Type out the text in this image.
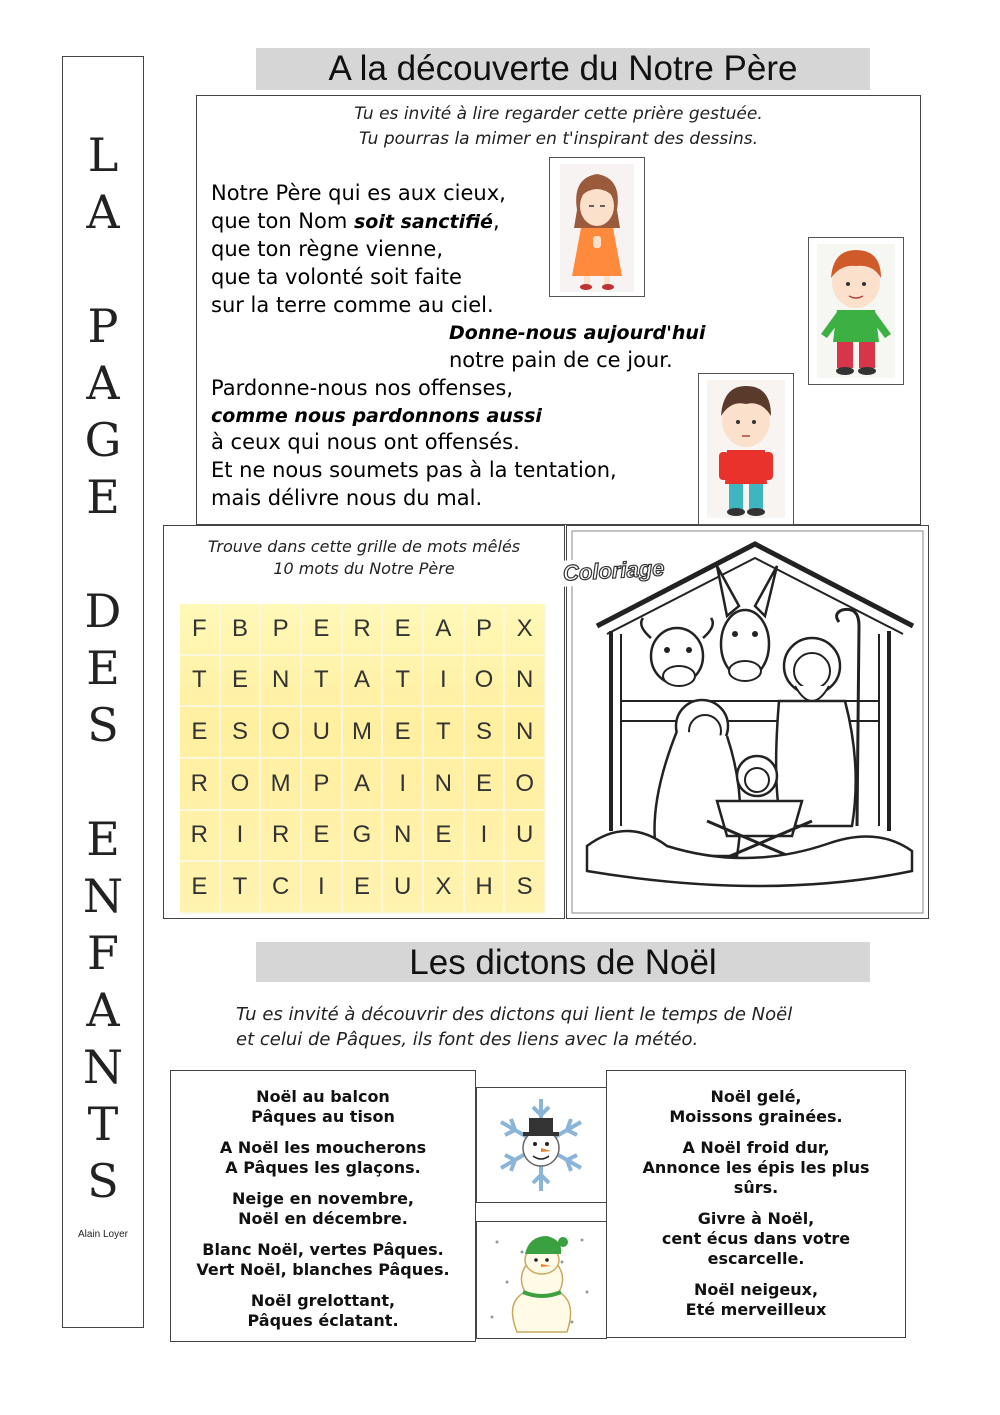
L
A
P
A
G
E
D
E
S
E
N
F
A
N
T
S
Alain Loyer
A la découverte du Notre Père
Tu es invité à lire regarder cette prière gestuée.
Tu pourras la mimer en t'inspirant des dessins.
Notre Père qui es aux cieux,
que ton Nom soit sanctifié,
que ton règne vienne,
que ta volonté soit faite
sur la terre comme au ciel.
Donne-nous aujourd'hui
notre pain de ce jour.
Pardonne-nous nos offenses,
comme nous pardonnons aussi
à ceux qui nous ont offensés.
Et ne nous soumets pas à la tentation,
mais délivre nous du mal.
Trouve dans cette grille de mots mêlés
10 mots du Notre Père
F	B	P	E R	E	A	P	X
T	E N	T	A	T	I	O N
E	S O U M E	T	S N
R O M P	A	I	N E O
R	I	R E G N E	I	U
E	T	C	I	E U X H	S
Coloriage
Les dictons de Noël
Tu es invité à découvrir des dictons qui lient le temps de Noël
et celui de Pâques, ils font des liens avec la météo.
Noël au balcon
Pâques au tison
A Noël les moucherons
A Pâques les glaçons.
Neige en novembre,
Noël en décembre.
Blanc Noël, vertes Pâques.
Vert Noël, blanches Pâques.
Noël grelottant,
Pâques éclatant.
Noël gelé,
Moissons grainées.
A Noël froid dur,
Annonce les épis les plus
sûrs.
Givre à Noël,
cent écus dans votre
escarcelle.
Noël neigeux,
Eté merveilleux
